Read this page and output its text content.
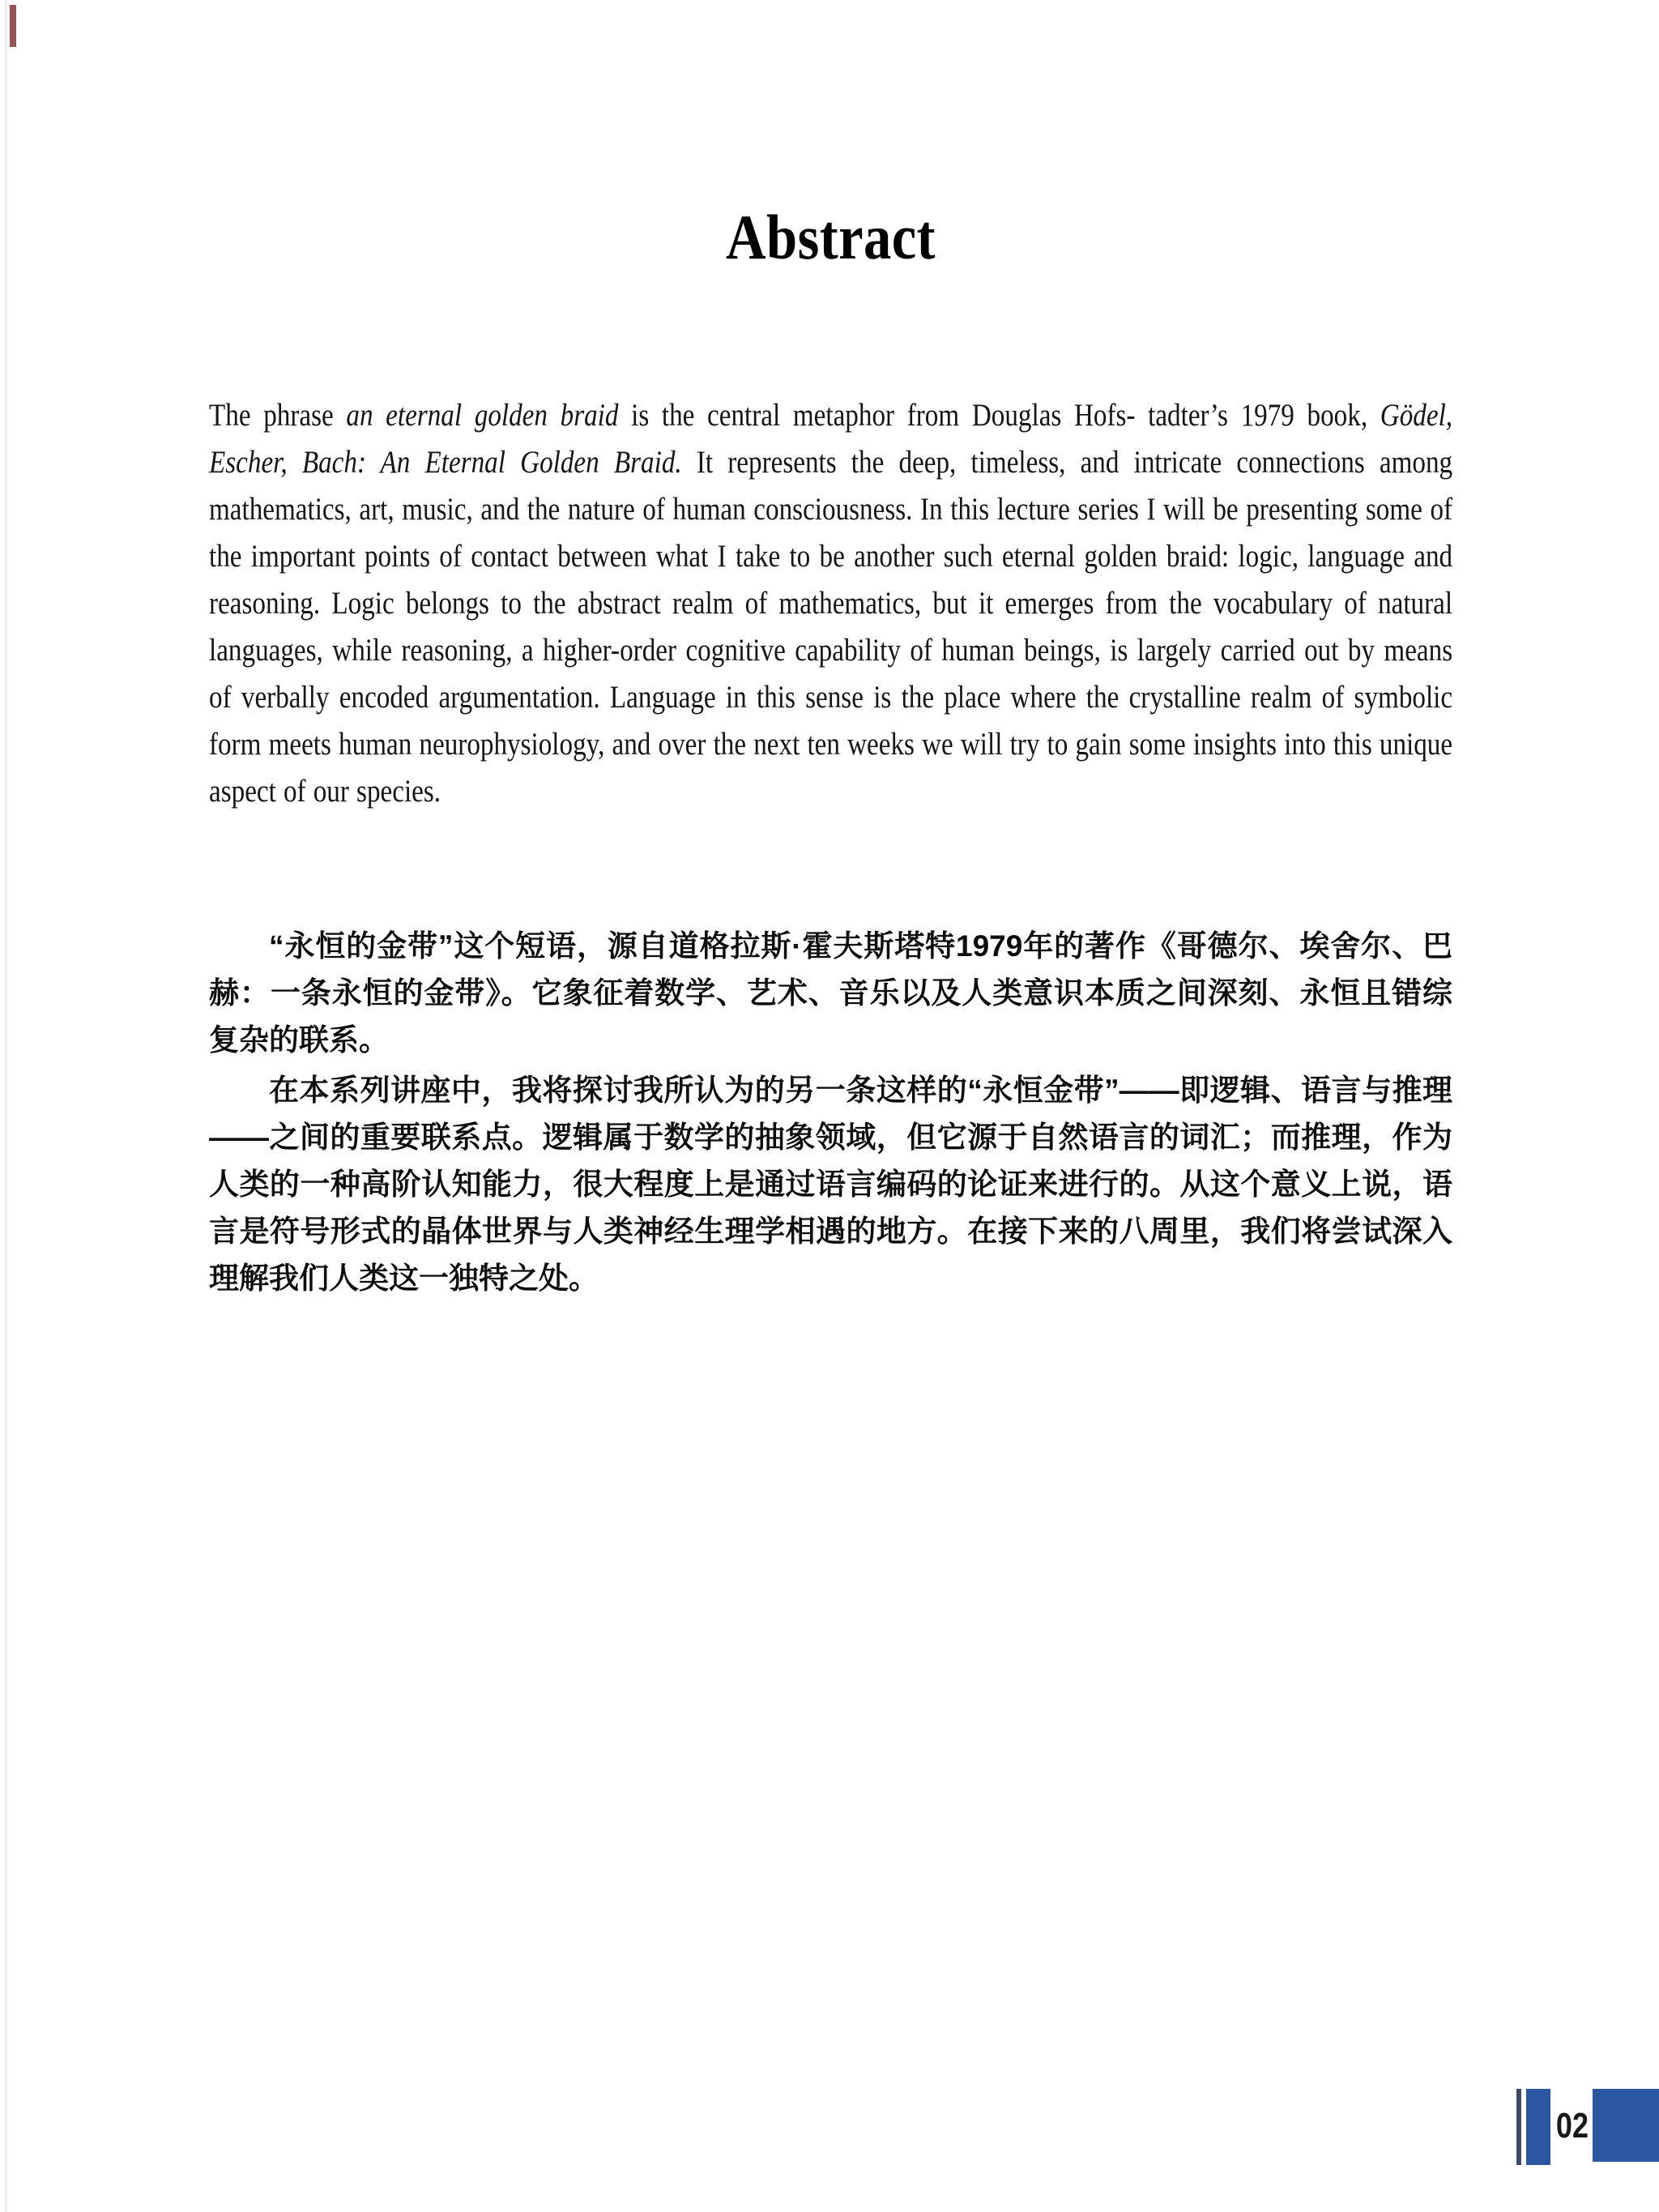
Abstract

The phrase an eternal golden braid is the central metaphor from Douglas Hofs- tadter’s 1979 book, Gödel, Escher, Bach: An Eternal Golden Braid. It represents the deep, timeless, and intricate connections among mathematics, art, music, and the nature of human consciousness. In this lecture series I will be presenting some of the important points of contact between what I take to be another such eternal golden braid: logic, language and reasoning. Logic belongs to the abstract realm of mathematics, but it emerges from the vocabulary of natural languages, while reasoning, a higher-order cognitive capability of human beings, is largely carried out by means of verbally encoded argumentation. Language in this sense is the place where the crystalline realm of symbolic form meets human neurophysiology, and over the next ten weeks we will try to gain some insights into this unique aspect of our species.

“永恒的金带”这个短语，源自道格拉斯·霍夫斯塔特1979年的著作《哥德尔、埃舍尔、巴赫：一条永恒的金带》。它象征着数学、艺术、音乐以及人类意识本质之间深刻、永恒且错综复杂的联系。

在本系列讲座中，我将探讨我所认为的另一条这样的“永恒金带”——即逻辑、语言与推理——之间的重要联系点。逻辑属于数学的抽象领域，但它源于自然语言的词汇；而推理，作为人类的一种高阶认知能力，很大程度上是通过语言编码的论证来进行的。从这个意义上说，语言是符号形式的晶体世界与人类神经生理学相遇的地方。在接下来的八周里，我们将尝试深入理解我们人类这一独特之处。

02
